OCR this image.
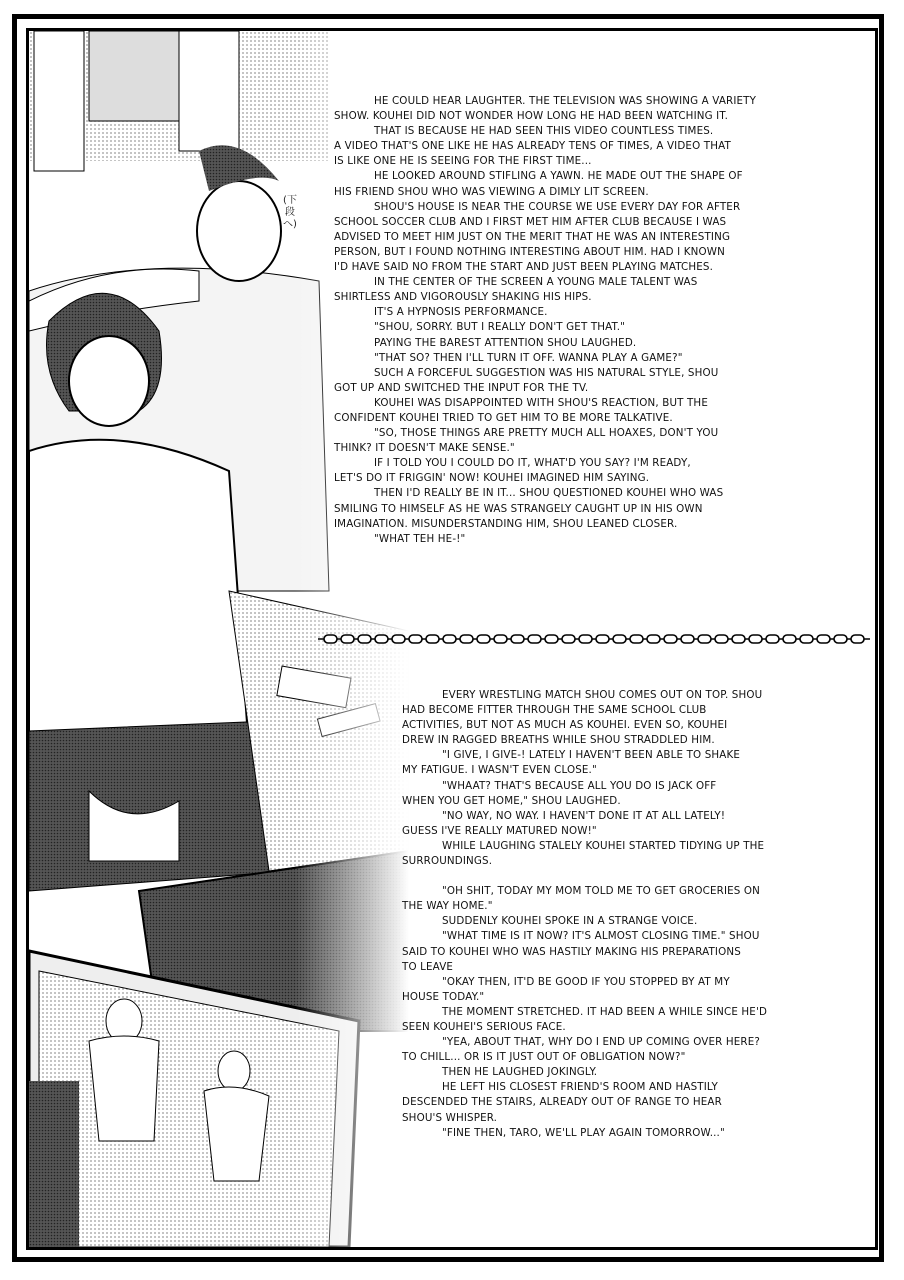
(下段へ)
HE COULD HEAR LAUGHTER. THE TELEVISION WAS SHOWING A VARIETY
SHOW. KOUHEI DID NOT WONDER HOW LONG HE HAD BEEN WATCHING IT.
THAT IS BECAUSE HE HAD SEEN THIS VIDEO COUNTLESS TIMES.
A VIDEO THAT'S ONE LIKE HE HAS ALREADY TENS OF TIMES, A VIDEO THAT
IS LIKE ONE HE IS SEEING FOR THE FIRST TIME...
HE LOOKED AROUND STIFLING A YAWN. HE MADE OUT THE SHAPE OF
HIS FRIEND SHOU WHO WAS VIEWING A DIMLY LIT SCREEN.
SHOU'S HOUSE IS NEAR THE COURSE WE USE EVERY DAY FOR AFTER
SCHOOL SOCCER CLUB AND I FIRST MET HIM AFTER CLUB BECAUSE I WAS
ADVISED TO MEET HIM JUST ON THE MERIT THAT HE WAS AN INTERESTING
PERSON, BUT I FOUND NOTHING INTERESTING ABOUT HIM. HAD I KNOWN
I'D HAVE SAID NO FROM THE START AND JUST BEEN PLAYING MATCHES.
IN THE CENTER OF THE SCREEN A YOUNG MALE TALENT WAS
SHIRTLESS AND VIGOROUSLY SHAKING HIS HIPS.
IT'S A HYPNOSIS PERFORMANCE.
"SHOU, SORRY. BUT I REALLY DON'T GET THAT."
PAYING THE BAREST ATTENTION SHOU LAUGHED.
"THAT SO? THEN I'LL TURN IT OFF. WANNA PLAY A GAME?"
SUCH A FORCEFUL SUGGESTION WAS HIS NATURAL STYLE, SHOU
GOT UP AND SWITCHED THE INPUT FOR THE TV.
KOUHEI WAS DISAPPOINTED WITH SHOU'S REACTION, BUT THE
CONFIDENT KOUHEI TRIED TO GET HIM TO BE MORE TALKATIVE.
"SO, THOSE THINGS ARE PRETTY MUCH ALL HOAXES, DON'T YOU
THINK? IT DOESN'T MAKE SENSE."
IF I TOLD YOU I COULD DO IT, WHAT'D YOU SAY? I'M READY,
LET'S DO IT FRIGGIN' NOW! KOUHEI IMAGINED HIM SAYING.
THEN I'D REALLY BE IN IT... SHOU QUESTIONED KOUHEI WHO WAS
SMILING TO HIMSELF AS HE WAS STRANGELY CAUGHT UP IN HIS OWN
IMAGINATION. MISUNDERSTANDING HIM, SHOU LEANED CLOSER.
"WHAT TEH HE-!"
EVERY WRESTLING MATCH SHOU COMES OUT ON TOP. SHOU
HAD BECOME FITTER THROUGH THE SAME SCHOOL CLUB
ACTIVITIES, BUT NOT AS MUCH AS KOUHEI. EVEN SO, KOUHEI
DREW IN RAGGED BREATHS WHILE SHOU STRADDLED HIM.
"I GIVE, I GIVE-! LATELY I HAVEN'T BEEN ABLE TO SHAKE
MY FATIGUE. I WASN'T EVEN CLOSE."
"WHAAT? THAT'S BECAUSE ALL YOU DO IS JACK OFF
WHEN YOU GET HOME," SHOU LAUGHED.
"NO WAY, NO WAY. I HAVEN'T DONE IT AT ALL LATELY!
GUESS I'VE REALLY MATURED NOW!"
WHILE LAUGHING STALELY KOUHEI STARTED TIDYING UP THE
SURROUNDINGS.
"OH SHIT, TODAY MY MOM TOLD ME TO GET GROCERIES ON
THE WAY HOME."
SUDDENLY KOUHEI SPOKE IN A STRANGE VOICE.
"WHAT TIME IS IT NOW? IT'S ALMOST CLOSING TIME." SHOU
SAID TO KOUHEI WHO WAS HASTILY MAKING HIS PREPARATIONS
TO LEAVE
"OKAY THEN, IT'D BE GOOD IF YOU STOPPED BY AT MY
HOUSE TODAY."
THE MOMENT STRETCHED. IT HAD BEEN A WHILE SINCE HE'D
SEEN KOUHEI'S SERIOUS FACE.
"YEA, ABOUT THAT, WHY DO I END UP COMING OVER HERE?
TO CHILL... OR IS IT JUST OUT OF OBLIGATION NOW?"
THEN HE LAUGHED JOKINGLY.
HE LEFT HIS CLOSEST FRIEND'S ROOM AND HASTILY
DESCENDED THE STAIRS, ALREADY OUT OF RANGE TO HEAR
SHOU'S WHISPER.
"FINE THEN, TARO, WE'LL PLAY AGAIN TOMORROW..."
